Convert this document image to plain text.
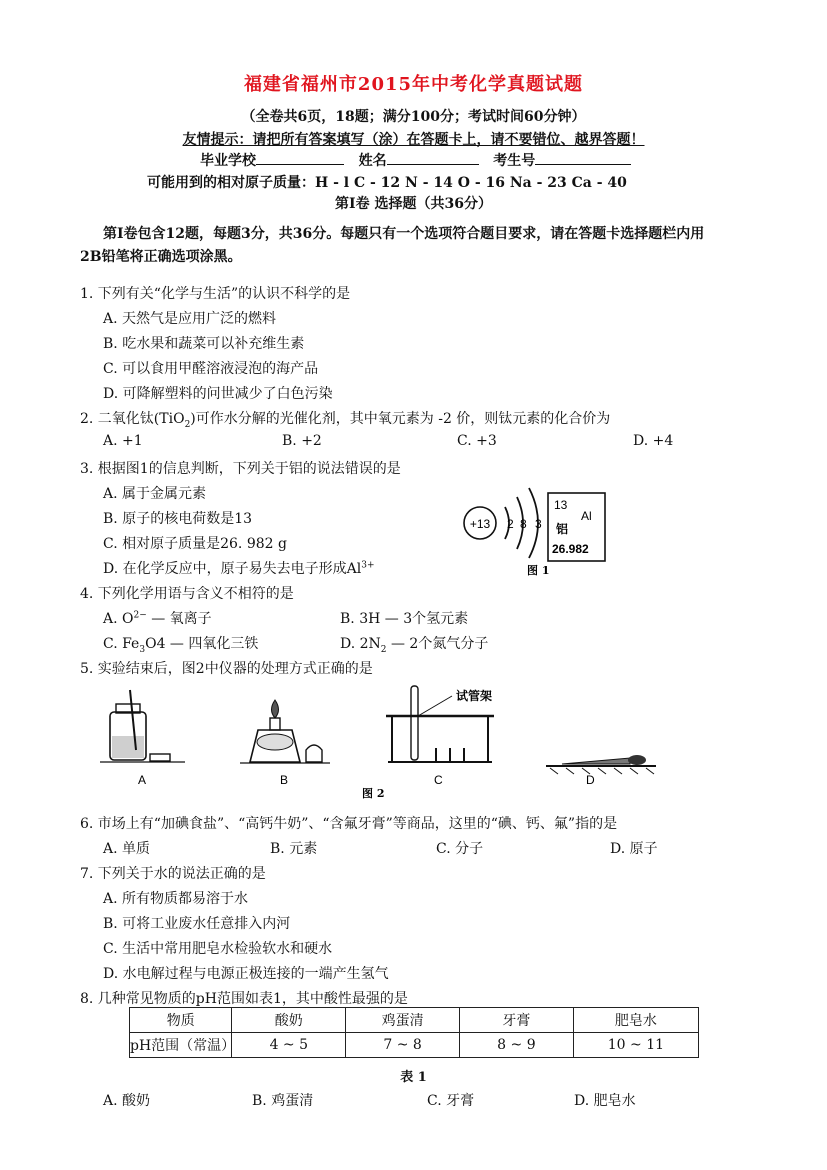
福建省福州市2015年中考化学真题试题
（全卷共6页，18题；满分100分；考试时间60分钟）
友情提示：请把所有答案填写（涂）在答题卡上，请不要错位、越界答题！
毕业学校	姓名	考生号
可能用到的相对原子质量：H - l C - 12 N - 14 O - 16 Na - 23 Ca - 40
第Ⅰ卷 选择题（共36分）
第Ⅰ卷包含12题，每题3分，共36分。每题只有一个选项符合题目要求，请在答题卡选择题栏内用
2B铅笔将正确选项涂黑。
1. 下列有关“化学与生活”的认识不科学的是
A. 天然气是应用广泛的燃料
B. 吃水果和蔬菜可以补充维生素
C. 可以食用甲醛溶液浸泡的海产品
D. 可降解塑料的问世减少了白色污染
2. 二氧化钛(TiO$_2$)可作水分解的光催化剂，其中氧元素为 -2 价，则钛元素的化合价为
A. +1	B. +2	C. +3	D. +4
3. 根据图1的信息判断，下列关于铝的说法错误的是
A. 属于金属元素
B. 原子的核电荷数是13
C. 相对原子质量是26. 982 g
D. 在化学反应中，原子易失去电子形成$Al^{3+}$
+13 2 8 3
13
Al
铝
26.982
图 1
4. 下列化学用语与含义不相符的是
A. $O^{2-}$ — 氧离子	B. 3H — 3个氢元素
C. $Fe_3O4$ — 四氧化三铁	D. $2N_2$ — 2个氮气分子
5. 实验结束后，图2中仪器的处理方式正确的是
A	B
试管架
C	D
图 2
6. 市场上有“加碘食盐”、“高钙牛奶”、“含氟牙膏”等商品，这里的“碘、钙、氟”指的是
A. 单质	B. 元素	C. 分子	D. 原子
7. 下列关于水的说法正确的是
A. 所有物质都易溶于水
B. 可将工业废水任意排入内河
C. 生活中常用肥皂水检验软水和硬水
D. 水电解过程与电源正极连接的一端产生氢气
8. 几种常见物质的pH范围如表1，其中酸性最强的是
物质	酸奶	鸡蛋清	牙膏	肥皂水
pH范围（常温）	4 ~ 5	7 ~ 8	8 ~ 9	10 ~ 11
表 1
A. 酸奶	B. 鸡蛋清	C. 牙膏	D. 肥皂水
